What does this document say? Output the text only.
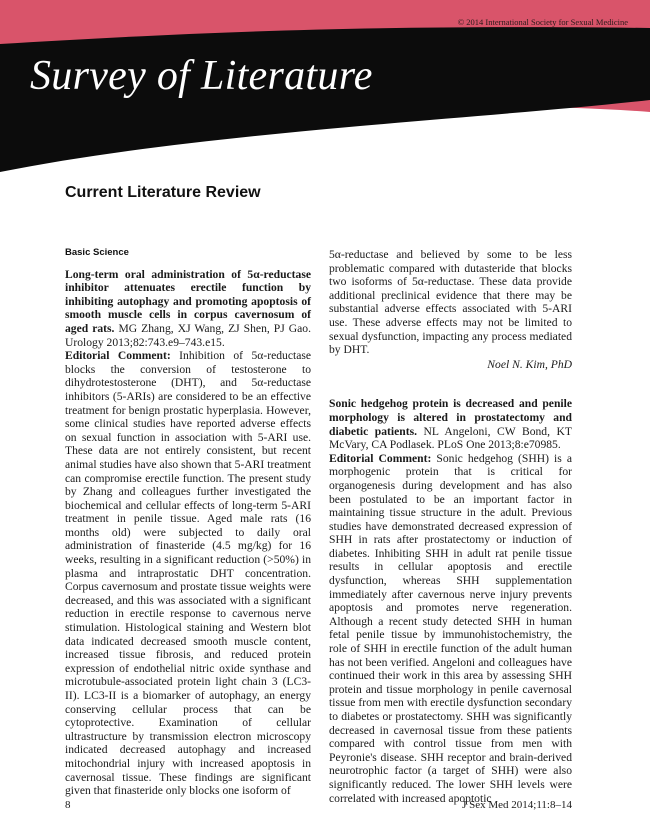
© 2014 International Society for Sexual Medicine
Survey of Literature
Current Literature Review
Basic Science

Long-term oral administration of 5α-reductase inhibitor attenuates erectile function by inhibiting autophagy and promoting apoptosis of smooth muscle cells in corpus cavernosum of aged rats. MG Zhang, XJ Wang, ZJ Shen, PJ Gao. Urology 2013;82:743.e9–743.e15.

Editorial Comment: Inhibition of 5α-reductase blocks the conversion of testosterone to dihydrotestosterone (DHT), and 5α-reductase inhibitors (5-ARIs) are considered to be an effective treatment for benign prostatic hyperplasia. However, some clinical studies have reported adverse effects on sexual function in association with 5-ARI use. These data are not entirely consistent, but recent animal studies have also shown that 5-ARI treatment can compromise erectile function. The present study by Zhang and colleagues further investigated the biochemical and cellular effects of long-term 5-ARI treatment in penile tissue. Aged male rats (16 months old) were subjected to daily oral administration of finasteride (4.5 mg/kg) for 16 weeks, resulting in a significant reduction (>50%) in plasma and intraprostatic DHT concentration. Corpus cavernosum and prostate tissue weights were decreased, and this was associated with a significant reduction in erectile response to cavernous nerve stimulation. Histological staining and Western blot data indicated decreased smooth muscle content, increased tissue fibrosis, and reduced protein expression of endothelial nitric oxide synthase and microtubule-associated protein light chain 3 (LC3-II). LC3-II is a biomarker of autophagy, an energy conserving cellular process that can be cytoprotective. Examination of cellular ultrastructure by transmission electron microscopy indicated decreased autophagy and increased mitochondrial injury with increased apoptosis in cavernosal tissue. These findings are significant given that finasteride only blocks one isoform of

5α-reductase and believed by some to be less problematic compared with dutasteride that blocks two isoforms of 5α-reductase. These data provide additional preclinical evidence that there may be substantial adverse effects associated with 5-ARI use. These adverse effects may not be limited to sexual dysfunction, impacting any process mediated by DHT.

Noel N. Kim, PhD

Sonic hedgehog protein is decreased and penile morphology is altered in prostatectomy and diabetic patients. NL Angeloni, CW Bond, KT McVary, CA Podlasek. PLoS One 2013;8:e70985.

Editorial Comment: Sonic hedgehog (SHH) is a morphogenic protein that is critical for organogenesis during development and has also been postulated to be an important factor in maintaining tissue structure in the adult. Previous studies have demonstrated decreased expression of SHH in rats after prostatectomy or induction of diabetes. Inhibiting SHH in adult rat penile tissue results in cellular apoptosis and erectile dysfunction, whereas SHH supplementation immediately after cavernous nerve injury prevents apoptosis and promotes nerve regeneration. Although a recent study detected SHH in human fetal penile tissue by immunohistochemistry, the role of SHH in erectile function of the adult human has not been verified. Angeloni and colleagues have continued their work in this area by assessing SHH protein and tissue morphology in penile cavernosal tissue from men with erectile dysfunction secondary to diabetes or prostatectomy. SHH was significantly decreased in cavernosal tissue from these patients compared with control tissue from men with Peyronie's disease. SHH receptor and brain-derived neurotrophic factor (a target of SHH) were also significantly reduced. The lower SHH levels were correlated with increased apoptotic

8	J Sex Med 2014;11:8–14
